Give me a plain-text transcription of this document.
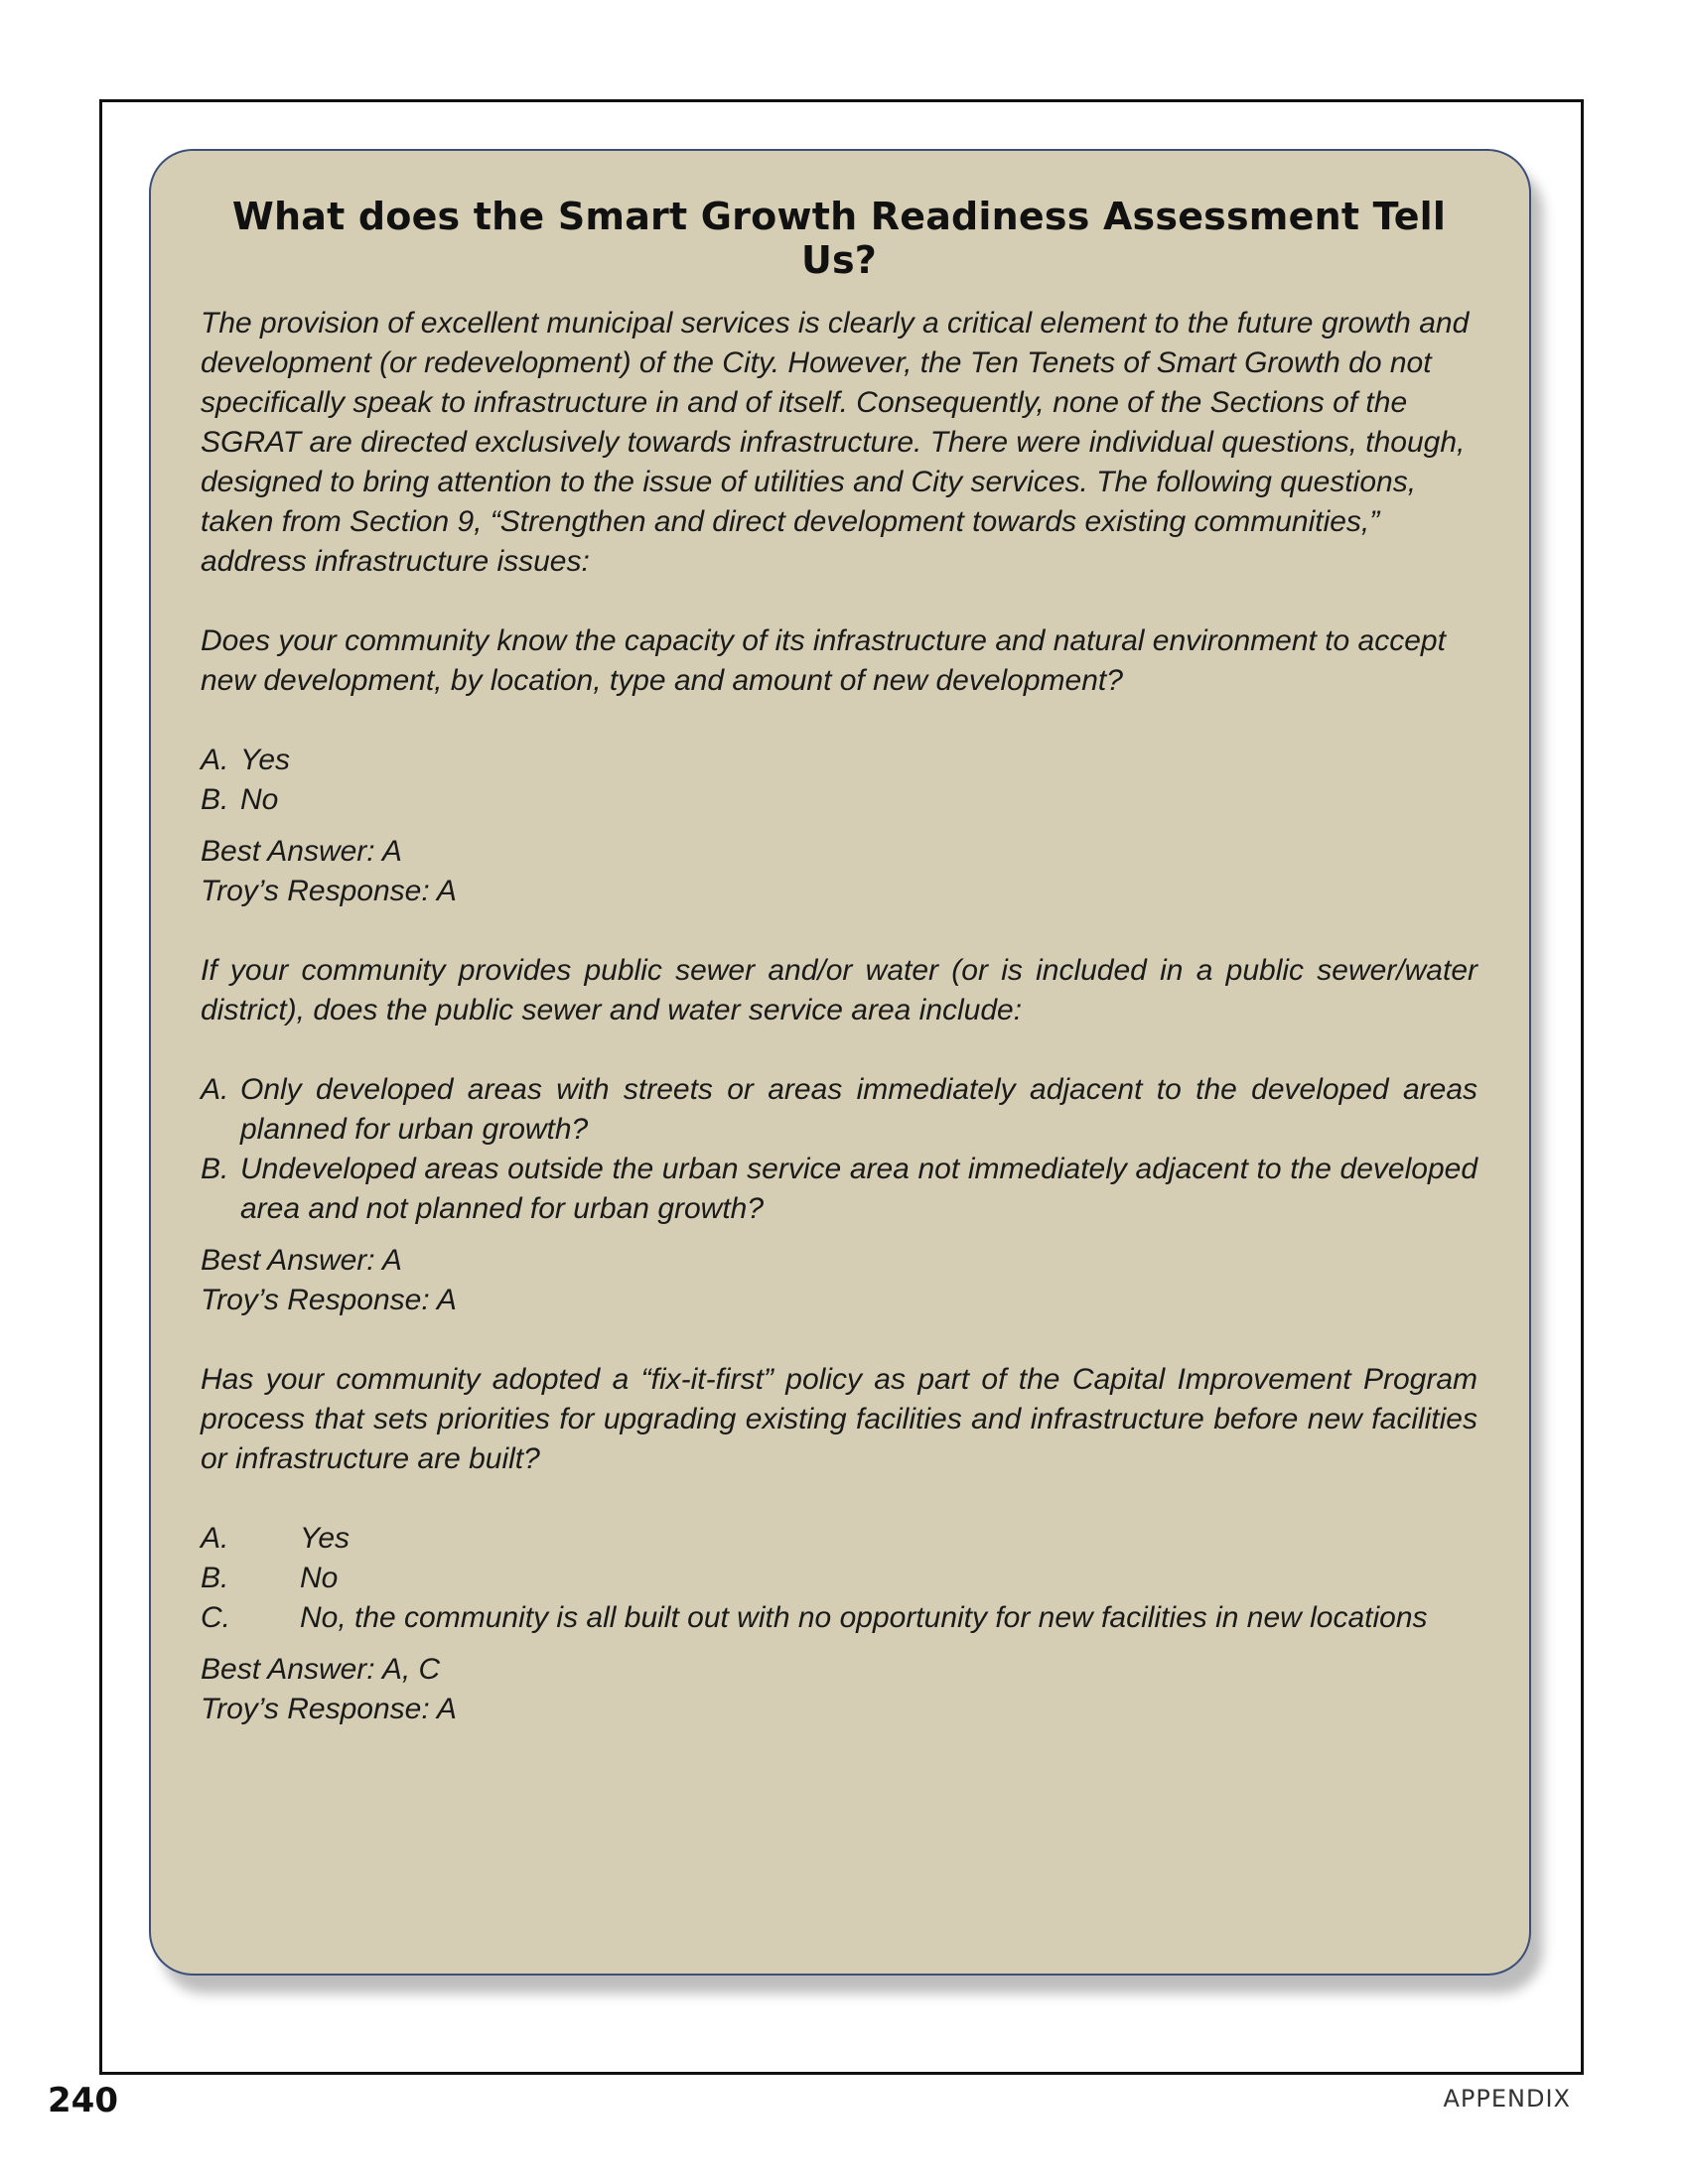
What does the Smart Growth Readiness Assessment Tell Us?

The provision of excellent municipal services is clearly a critical element to the future growth and development (or redevelopment) of the City. However, the Ten Tenets of Smart Growth do not specifically speak to infrastructure in and of itself. Consequently, none of the Sections of the SGRAT are directed exclusively towards infrastructure. There were individual questions, though, designed to bring attention to the issue of utilities and City services. The following questions, taken from Section 9, “Strengthen and direct development towards existing communities,” address infrastructure issues:

Does your community know the capacity of its infrastructure and natural environment to accept new development, by location, type and amount of new development?

A. Yes
B. No

Best Answer: A

Troy’s Response: A

If your community provides public sewer and/or water (or is included in a public sewer/water district), does the public sewer and water service area include:

A. Only developed areas with streets or areas immediately adjacent to the developed areas planned for urban growth?
B. Undeveloped areas outside the urban service area not immediately adjacent to the developed area and not planned for urban growth?

Best Answer: A

Troy’s Response: A

Has your community adopted a “fix-it-first” policy as part of the Capital Improvement Program process that sets priorities for upgrading existing facilities and infrastructure before new facilities or infrastructure are built?

A.	Yes
B.	No
C.	No, the community is all built out with no opportunity for new facilities in new locations

Best Answer: A, C

Troy’s Response: A

240	APPENDIX
